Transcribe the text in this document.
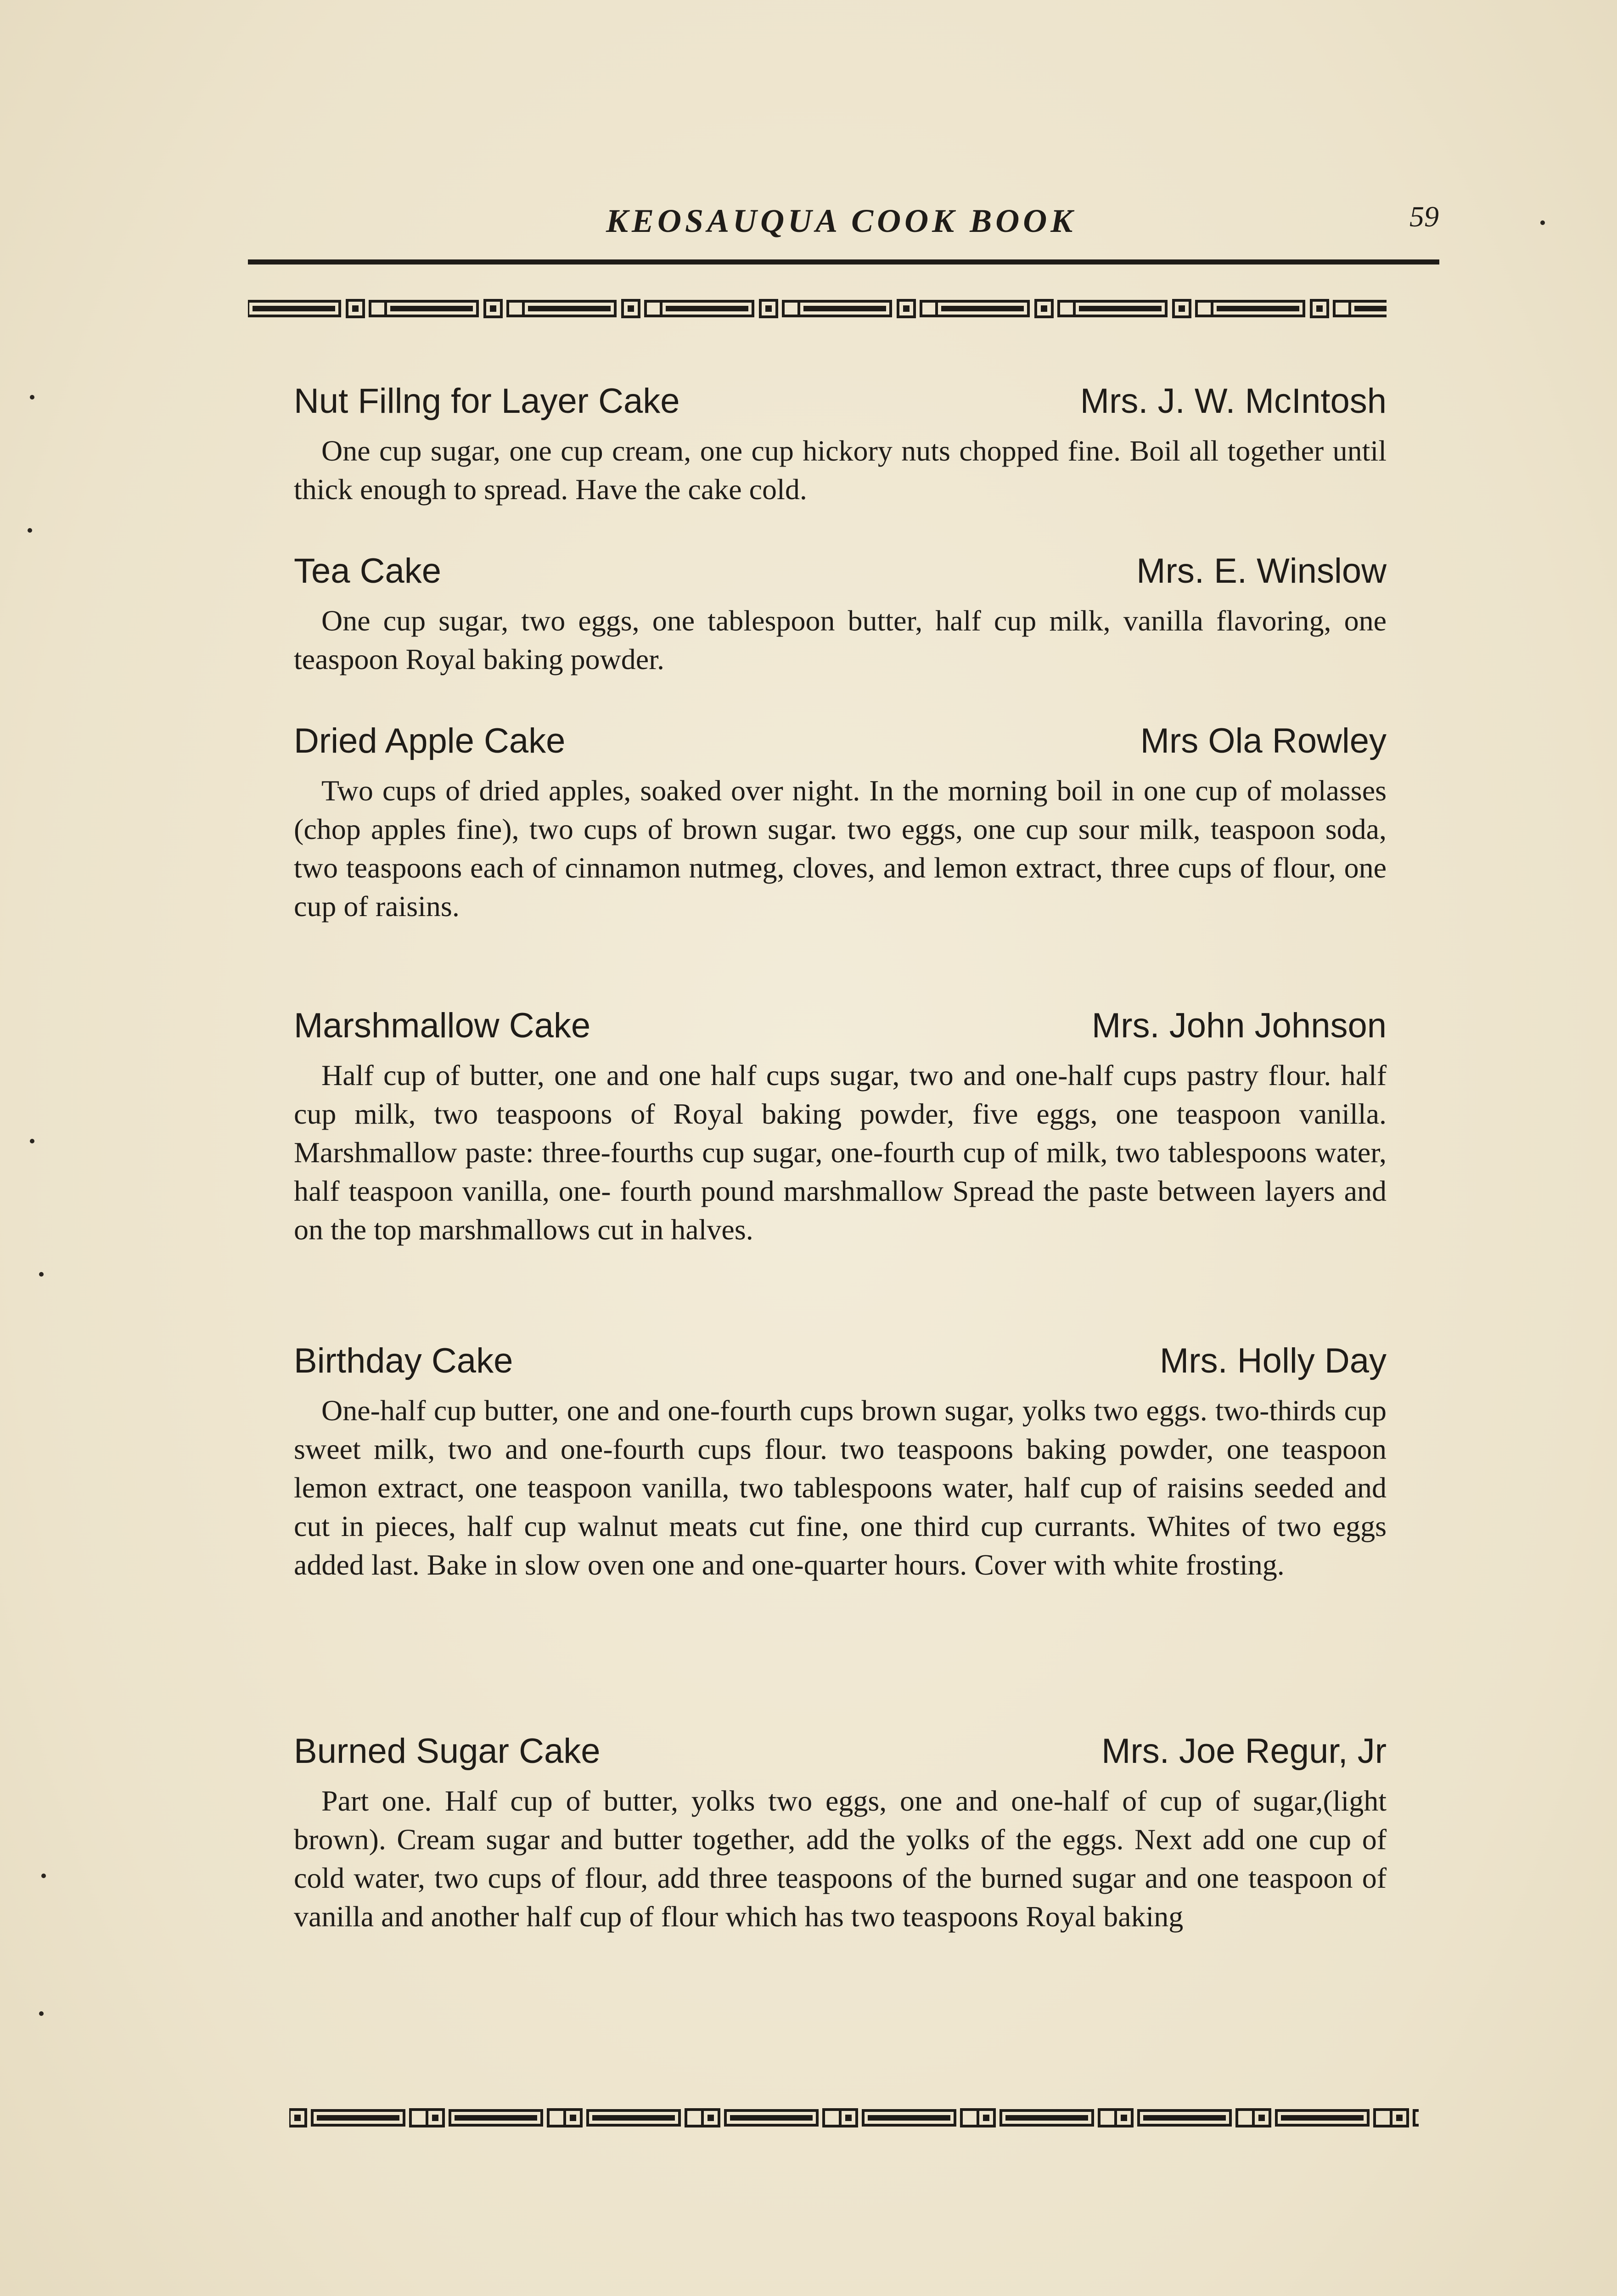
KEOSAUQUA COOK BOOK	59
Nut Fillng for Layer Cake	Mrs. J. W. McIntosh

One cup sugar, one cup cream, one cup hickory nuts chopped fine. Boil all together until thick enough to spread. Have the cake cold.

Tea Cake	Mrs. E. Winslow

One cup sugar, two eggs, one tablespoon butter, half cup milk, vanilla flavoring, one teaspoon Royal baking powder.

Dried Apple Cake	Mrs Ola Rowley

Two cups of dried apples, soaked over night. In the morning boil in one cup of molasses (chop apples fine), two cups of brown sugar. two eggs, one cup sour milk, teaspoon soda, two teaspoons each of cinnamon nutmeg, cloves, and lemon extract, three cups of flour, one cup of raisins.

Marshmallow Cake	Mrs. John Johnson

Half cup of butter, one and one half cups sugar, two and one-half cups pastry flour. half cup milk, two teaspoons of Royal baking powder, five eggs, one teaspoon vanilla. Marshmallow paste: three-fourths cup sugar, one-fourth cup of milk, two tablespoons water, half teaspoon vanilla, one- fourth pound marshmallow Spread the paste between layers and on the top marshmallows cut in halves.

Birthday Cake	Mrs. Holly Day

One-half cup butter, one and one-fourth cups brown sugar, yolks two eggs. two-thirds cup sweet milk, two and one-fourth cups flour. two teaspoons baking powder, one teaspoon lemon extract, one teaspoon vanilla, two tablespoons water, half cup of raisins seeded and cut in pieces, half cup walnut meats cut fine, one third cup currants. Whites of two eggs added last. Bake in slow oven one and one-quarter hours. Cover with white frosting.

Burned Sugar Cake	Mrs. Joe Regur, Jr

Part one. Half cup of butter, yolks two eggs, one and one-half of cup of sugar,(light brown). Cream sugar and butter together, add the yolks of the eggs. Next add one cup of cold water, two cups of flour, add three teaspoons of the burned sugar and one teaspoon of vanilla and another half cup of flour which has two teaspoons Royal baking
